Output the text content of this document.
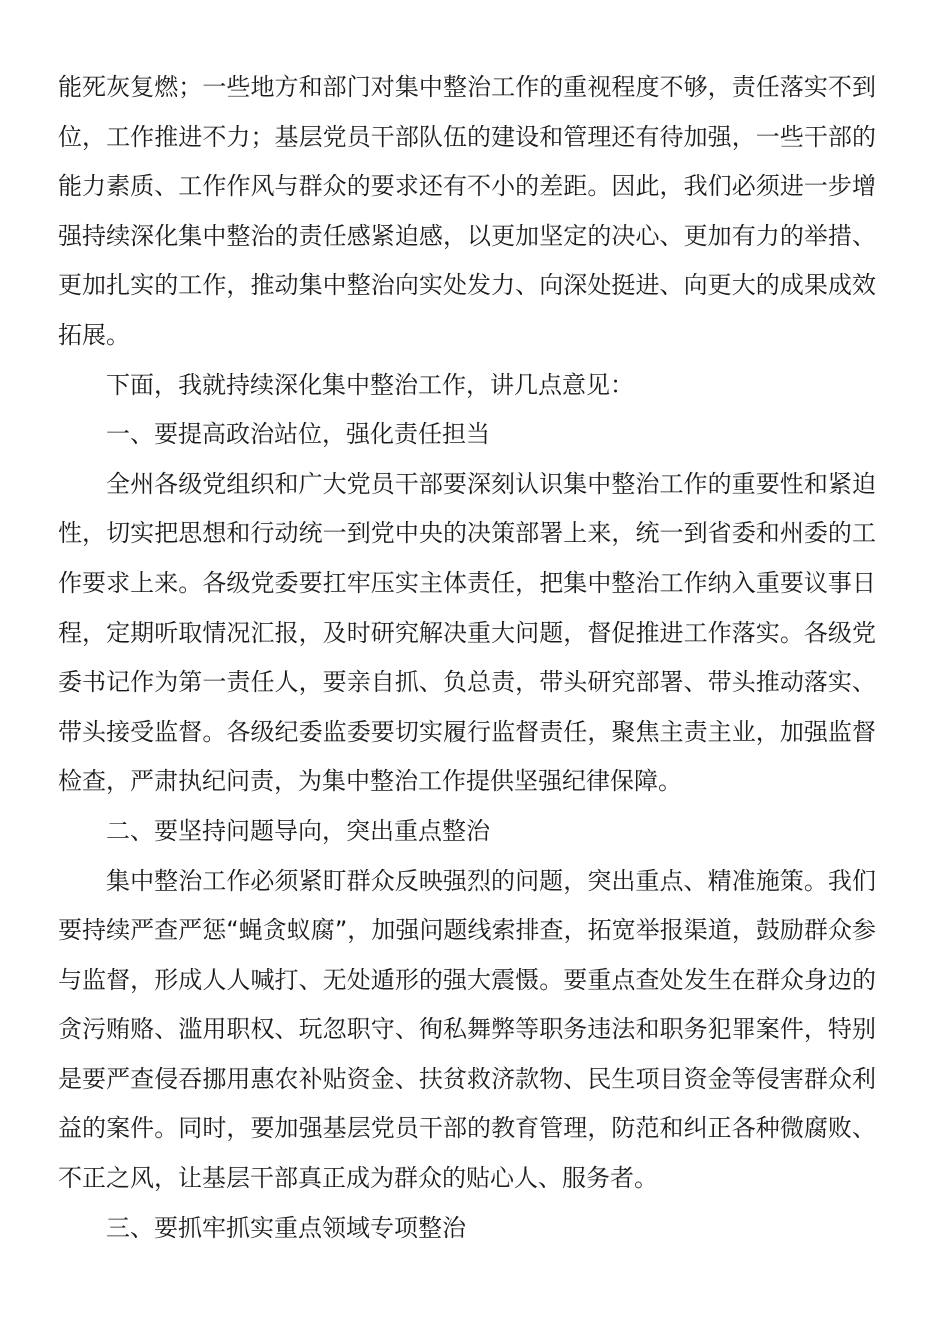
能死灰复燃；一些地方和部门对集中整治工作的重视程度不够，责任落实不到位，工作推进不力；基层党员干部队伍的建设和管理还有待加强，一些干部的能力素质、工作作风与群众的要求还有不小的差距。因此，我们必须进一步增强持续深化集中整治的责任感紧迫感，以更加坚定的决心、更加有力的举措、更加扎实的工作，推动集中整治向实处发力、向深处挺进、向更大的成果成效拓展。

下面，我就持续深化集中整治工作，讲几点意见：

一、要提高政治站位，强化责任担当

全州各级党组织和广大党员干部要深刻认识集中整治工作的重要性和紧迫性，切实把思想和行动统一到党中央的决策部署上来，统一到省委和州委的工作要求上来。各级党委要扛牢压实主体责任，把集中整治工作纳入重要议事日程，定期听取情况汇报，及时研究解决重大问题，督促推进工作落实。各级党委书记作为第一责任人，要亲自抓、负总责，带头研究部署、带头推动落实、带头接受监督。各级纪委监委要切实履行监督责任，聚焦主责主业，加强监督检查，严肃执纪问责，为集中整治工作提供坚强纪律保障。

二、要坚持问题导向，突出重点整治

集中整治工作必须紧盯群众反映强烈的问题，突出重点、精准施策。我们要持续严查严惩“蝇贪蚁腐”，加强问题线索排查，拓宽举报渠道，鼓励群众参与监督，形成人人喊打、无处遁形的强大震慑。要重点查处发生在群众身边的贪污贿赂、滥用职权、玩忽职守、徇私舞弊等职务违法和职务犯罪案件，特别是要严查侵吞挪用惠农补贴资金、扶贫救济款物、民生项目资金等侵害群众利益的案件。同时，要加强基层党员干部的教育管理，防范和纠正各种微腐败、不正之风，让基层干部真正成为群众的贴心人、服务者。

三、要抓牢抓实重点领域专项整治
